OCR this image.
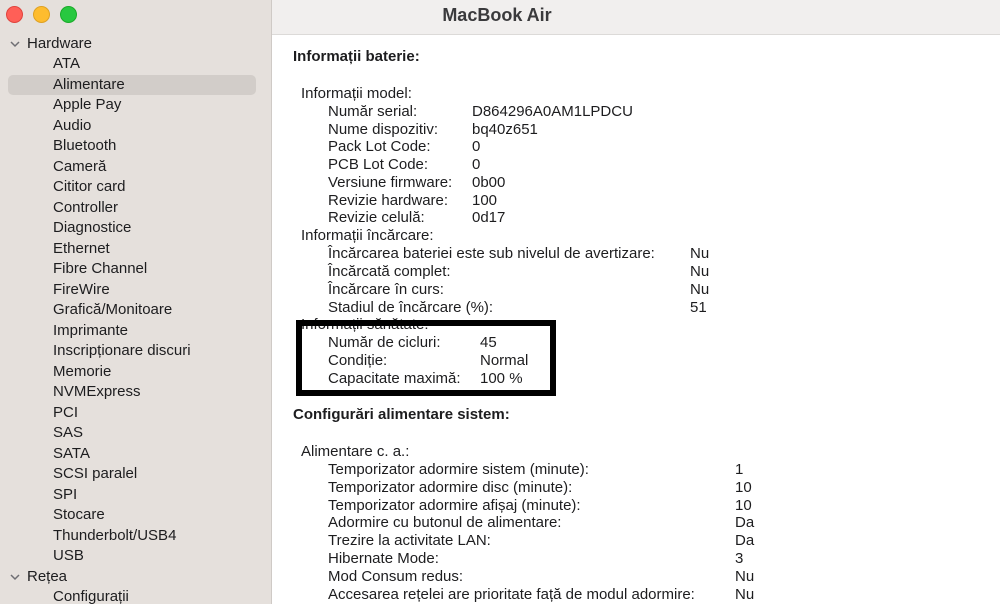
Hardware
ATA
Alimentare
Apple Pay
Audio
Bluetooth
Cameră
Cititor card
Controller
Diagnostice
Ethernet
Fibre Channel
FireWire
Grafică/Monitoare
Imprimante
Inscripționare discuri
Memorie
NVMExpress
PCI
SAS
SATA
SCSI paralel
SPI
Stocare
Thunderbolt/USB4
USB
Rețea
Configurații
MacBook Air
Informații baterie:
Informații model:
Număr serial:	D864296A0AM1LPDCU
Nume dispozitiv: bq40z651
Pack Lot Code:	0
PCB Lot Code:	0
Versiune firmware: 0b00
Revizie hardware: 100
Revizie celulă:	0d17
Informații încărcare:
Încărcarea bateriei este sub nivelul de avertizare: Nu
Încărcată complet:	Nu
Încărcare în curs:	Nu
Stadiul de încărcare (%):	51
Informații sănătate:
Număr de cicluri:	45
Condiție:	Normal
Capacitate maximă: 100 %
Configurări alimentare sistem:
Alimentare c. a.:
Temporizator adormire sistem (minute):	1
Temporizator adormire disc (minute):	10
Temporizator adormire afișaj (minute):	10
Adormire cu butonul de alimentare:	Da
Trezire la activitate LAN:	Da
Hibernate Mode:	3
Mod Consum redus:	Nu
Accesarea rețelei are prioritate față de modul adormire:	Nu
